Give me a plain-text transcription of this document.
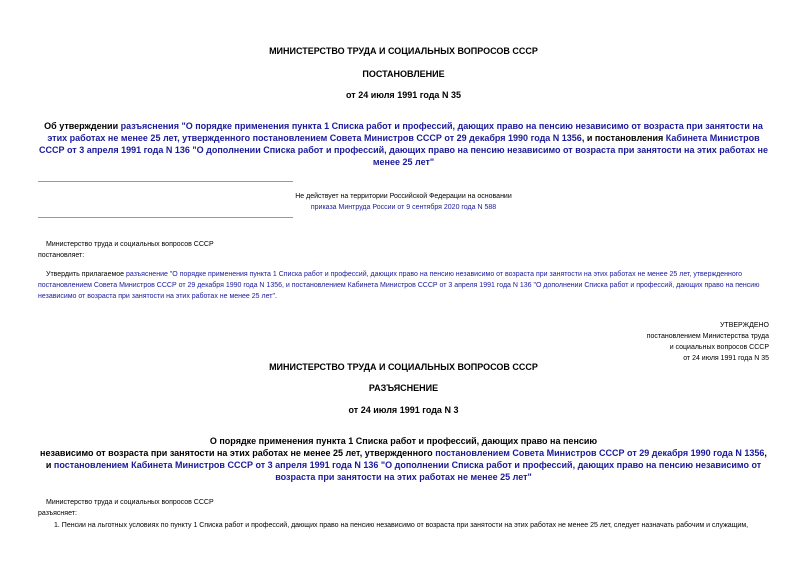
МИНИСТЕРСТВО ТРУДА И СОЦИАЛЬНЫХ ВОПРОСОВ СССР
ПОСТАНОВЛЕНИЕ
от 24 июля 1991 года N 35
Об утверждении разъяснения "О порядке применения пункта 1 Списка работ и профессий, дающих право на пенсию независимо от возраста при занятости на этих работах не менее 25 лет, утвержденного постановлением Совета Министров СССР от 29 декабря 1990 года N 1356, и постановления Кабинета Министров СССР от 3 апреля 1991 года N 136 "О дополнении Списка работ и профессий, дающих право на пенсию независимо от возраста при занятости на этих работах не менее 25 лет"
Не действует на территории Российской Федерации на основании
приказа Минтруда России от 9 сентября 2020 года N 588
Министерство труда и социальных вопросов СССР
постановляет:
Утвердить прилагаемое разъяснение "О порядке применения пункта 1 Списка работ и профессий, дающих право на пенсию независимо от возраста при занятости на этих работах не менее 25 лет, утвержденного постановлением Совета Министров СССР от 29 декабря 1990 года N 1356, и постановлением Кабинета Министров СССР от 3 апреля 1991 года N 136 "О дополнении Списка работ и профессий, дающих право на пенсию независимо от возраста при занятости на этих работах не менее 25 лет".
УТВЕРЖДЕНО
постановлением Министерства труда
и социальных вопросов СССР
от 24 июля 1991 года N 35
МИНИСТЕРСТВО ТРУДА И СОЦИАЛЬНЫХ ВОПРОСОВ СССР
РАЗЪЯСНЕНИЕ
от 24 июля 1991 года N 3
О порядке применения пункта 1 Списка работ и профессий, дающих право на пенсию
независимо от возраста при занятости на этих работах не менее 25 лет, утвержденного постановлением Совета Министров СССР от 29 декабря 1990 года N 1356, и постановлением Кабинета Министров СССР от 3 апреля 1991 года N 136 "О дополнении Списка работ и профессий, дающих право на пенсию независимо от возраста при занятости на этих работах не менее 25 лет"
Министерство труда и социальных вопросов СССР
разъясняет:
1. Пенсии на льготных условиях по пункту 1 Списка работ и профессий, дающих право на пенсию независимо от возраста при занятости на этих работах не менее 25 лет, следует назначать рабочим и служащим,
